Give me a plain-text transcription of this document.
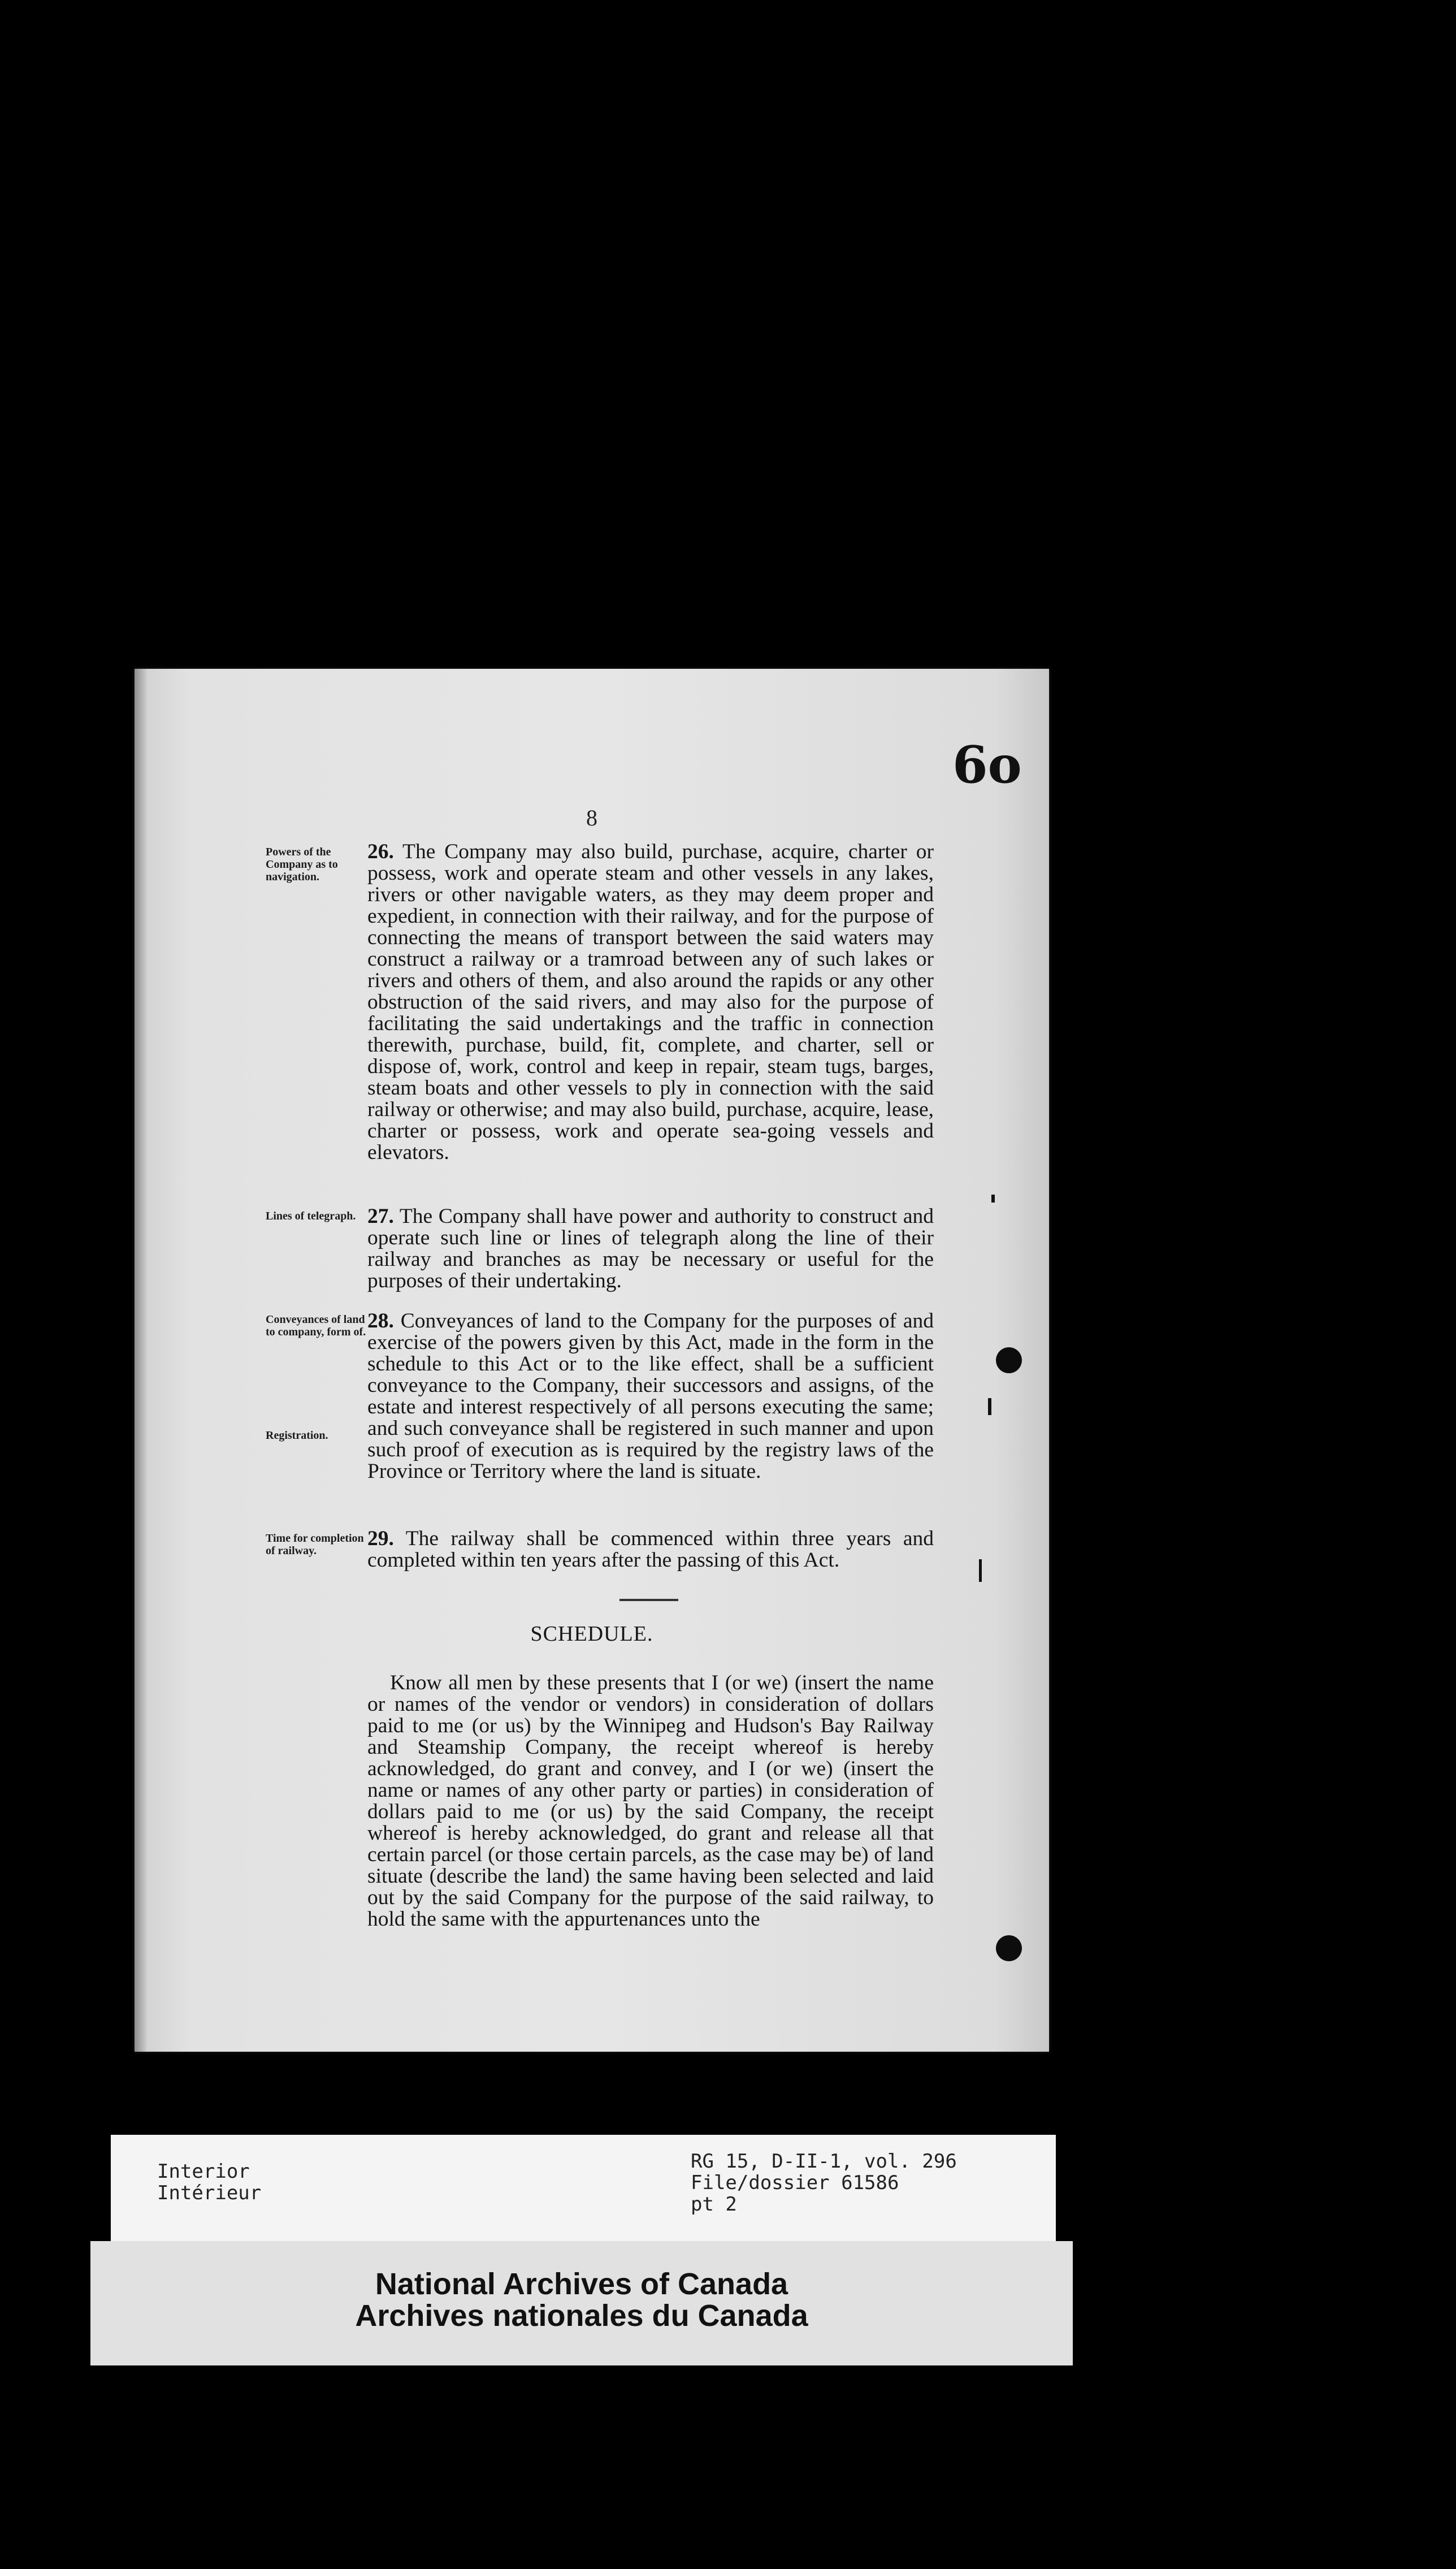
8
Powers of the Company as to navigation.
26. The Company may also build, purchase, acquire, charter or possess, work and operate steam and other vessels in any lakes, rivers or other navigable waters, as they may deem proper and expedient, in connection with their railway, and for the purpose of connecting the means of transport between the said waters may construct a railway or a tramroad between any of such lakes or rivers and others of them, and also around the rapids or any other obstruction of the said rivers, and may also for the purpose of facilitating the said undertakings and the traffic in connection therewith, purchase, build, fit, complete, and charter, sell or dispose of, work, control and keep in repair, steam tugs, barges, steam boats and other vessels to ply in connection with the said railway or otherwise; and may also build, purchase, acquire, lease, charter or possess, work and operate sea-going vessels and elevators.
Lines of telegraph. 27. The Company shall have power and authority to construct and operate such line or lines of telegraph along the line of their railway and branches as may be necessary or useful for the purposes of their undertaking.
Conveyances of land to company, form of.
Registration.
28. Conveyances of land to the Company for the purposes of and exercise of the powers given by this Act, made in the form in the schedule to this Act or to the like effect, shall be a sufficient conveyance to the Company, their successors and assigns, of the estate and interest respectively of all persons executing the same; and such conveyance shall be registered in such manner and upon such proof of execution as is required by the registry laws of the Province or Territory where the land is situate.
Time for completion of railway.
29. The railway shall be commenced within three years and completed within ten years after the passing of this Act.
SCHEDULE.
Know all men by these presents that I (or we) (insert the name or names of the vendor or vendors) in consideration of dollars paid to me (or us) by the Winnipeg and Hudson's Bay Railway and Steamship Company, the receipt whereof is hereby acknowledged, do grant and convey, and I (or we) (insert the name or names of any other party or parties) in consideration of dollars paid to me (or us) by the said Company, the receipt whereof is hereby acknowledged, do grant and release all that certain parcel (or those certain parcels, as the case may be) of land situate (describe the land) the same having been selected and laid out by the said Company for the purpose of the said railway, to hold the same with the appurtenances unto the
6o
Interior
Intérieur
RG 15, D-II-1, vol. 296
File/dossier 61586
pt 2
National Archives of Canada
Archives nationales du Canada
